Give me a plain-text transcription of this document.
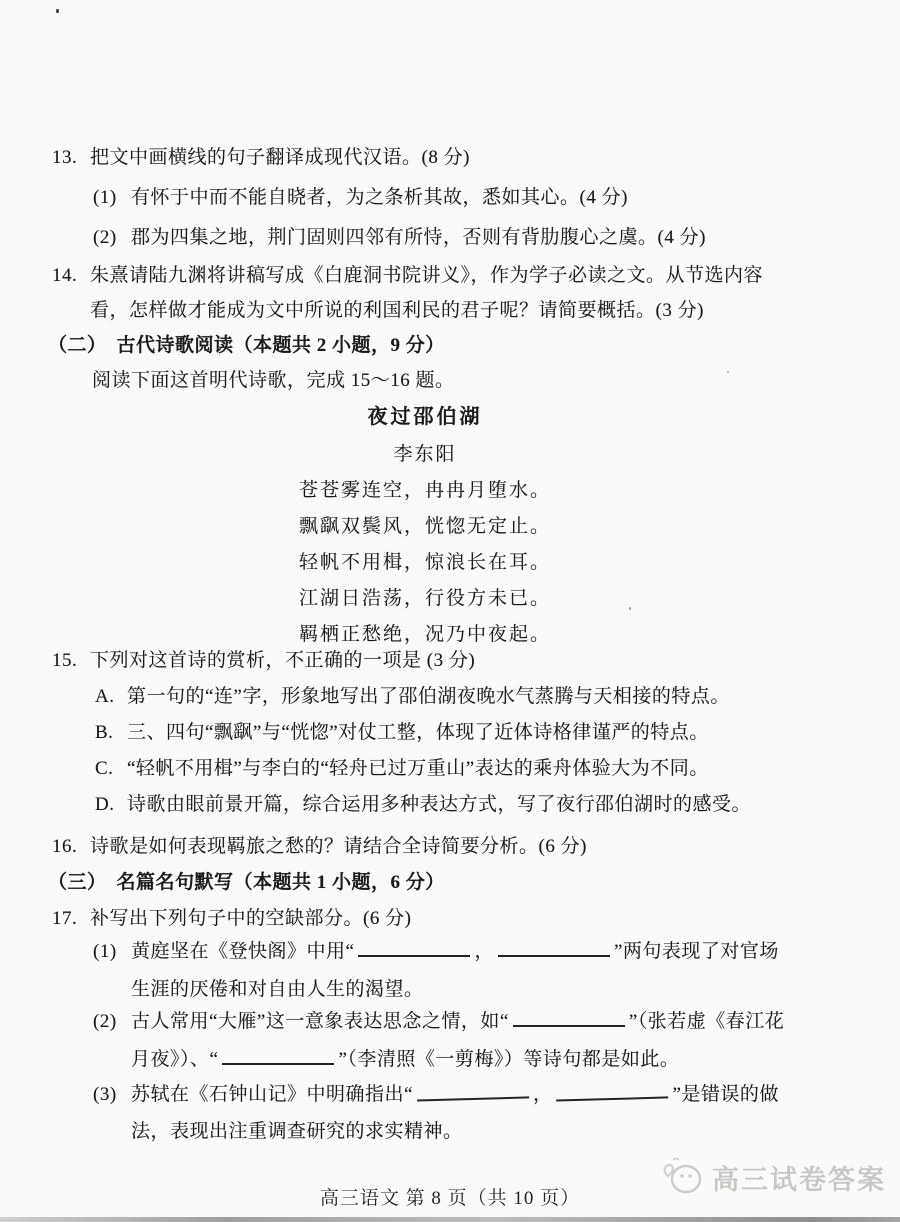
13. 把文中画横线的句子翻译成现代汉语。(8 分)
(1) 有怀于中而不能自晓者，为之条析其故，悉如其心。(4 分)
(2) 郡为四集之地，荆门固则四邻有所恃，否则有背肋腹心之虞。(4 分)
14. 朱熹请陆九渊将讲稿写成《白鹿洞书院讲义》，作为学子必读之文。从节选内容看，怎样做才能成为文中所说的利国利民的君子呢？请简要概括。(3 分)
（二） 古代诗歌阅读（本题共 2 小题，9 分）
阅读下面这首明代诗歌，完成 15～16 题。
夜过邵伯湖
李东阳
苍苍雾连空，冉冉月堕水。
飘飖双鬓风，恍惚无定止。
轻帆不用楫，惊浪长在耳。
江湖日浩荡，行役方未已。
羁栖正愁绝，况乃中夜起。
15. 下列对这首诗的赏析，不正确的一项是 (3 分)
A. 第一句的“连”字，形象地写出了邵伯湖夜晚水气蒸腾与天相接的特点。
B. 三、四句“飘飖”与“恍惚”对仗工整，体现了近体诗格律谨严的特点。
C. “轻帆不用楫”与李白的“轻舟已过万重山”表达的乘舟体验大为不同。
D. 诗歌由眼前景开篇，综合运用多种表达方式，写了夜行邵伯湖时的感受。
16. 诗歌是如何表现羁旅之愁的？请结合全诗简要分析。(6 分)
（三） 名篇名句默写（本题共 1 小题，6 分）
17. 补写出下列句子中的空缺部分。(6 分)
(1) 黄庭坚在《登快阁》中用“	，	”两句表现了对官场生涯的厌倦和对自由人生的渴望。
(2) 古人常用“大雁”这一意象表达思念之情，如“	”（张若虚《春江花月夜》）、“	”（李清照《一剪梅》）等诗句都是如此。
(3) 苏轼在《石钟山记》中明确指出“	，	”是错误的做法，表现出注重调查研究的求实精神。
高三试卷答案
高三语文 第 8 页（共 10 页）
